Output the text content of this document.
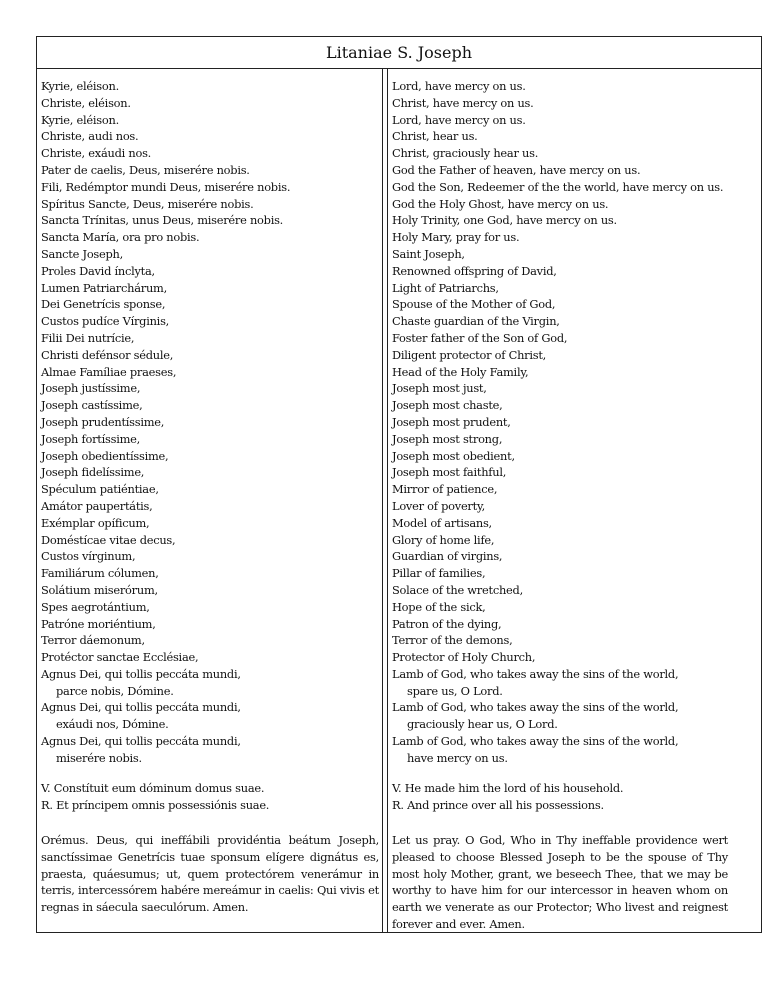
Litaniae S. Joseph
Kyrie, eléison.
Christe, eléison.
Kyrie, eléison.
Christe, audi nos.
Christe, exáudi nos.
Pater de caelis, Deus, miserére nobis.
Fili, Redémptor mundi Deus, miserére nobis.
Spíritus Sancte, Deus, miserére nobis.
Sancta Trínitas, unus Deus, miserére nobis.
Sancta María, ora pro nobis.
Sancte Joseph,
Proles David ínclyta,
Lumen Patriarchárum,
Dei Genetrícis sponse,
Custos pudíce Vírginis,
Filii Dei nutrície,
Christi defénsor sédule,
Almae Famíliae praeses,
Joseph justíssime,
Joseph castíssime,
Joseph prudentíssime,
Joseph fortíssime,
Joseph obedientíssime,
Joseph fidelíssime,
Spéculum patiéntiae,
Amátor paupertátis,
Exémplar opíficum,
Doméstícae vitae decus,
Custos vírginum,
Familiárum cólumen,
Solátium miserórum,
Spes aegrotántium,
Patróne moriéntium,
Terror dáemonum,
Protéctor sanctae Ecclésiae,
Agnus Dei, qui tollis peccáta mundi,
parce nobis, Dómine.
Agnus Dei, qui tollis peccáta mundi,
exáudi nos, Dómine.
Agnus Dei, qui tollis peccáta mundi,
miserére nobis.
V. Constítuit eum dóminum domus suae.
R. Et príncipem omnis possessiónis suae.
Orémus. Deus, qui ineffábili providéntia beátum Joseph, sanctíssimae Genetrícis tuae sponsum elígere dignátus es, praesta, quáesumus; ut, quem protectórem venerámur in terris, intercessórem habére mereámur in caelis: Qui vivis et regnas in sáecula saeculórum. Amen.
Lord, have mercy on us.
Christ, have mercy on us.
Lord, have mercy on us.
Christ, hear us.
Christ, graciously hear us.
God the Father of heaven, have mercy on us.
God the Son, Redeemer of the the world, have mercy on us.
God the Holy Ghost, have mercy on us.
Holy Trinity, one God, have mercy on us.
Holy Mary, pray for us.
Saint Joseph,
Renowned offspring of David,
Light of Patriarchs,
Spouse of the Mother of God,
Chaste guardian of the Virgin,
Foster father of the Son of God,
Diligent protector of Christ,
Head of the Holy Family,
Joseph most just,
Joseph most chaste,
Joseph most prudent,
Joseph most strong,
Joseph most obedient,
Joseph most faithful,
Mirror of patience,
Lover of poverty,
Model of artisans,
Glory of home life,
Guardian of virgins,
Pillar of families,
Solace of the wretched,
Hope of the sick,
Patron of the dying,
Terror of the demons,
Protector of Holy Church,
Lamb of God, who takes away the sins of the world,
spare us, O Lord.
Lamb of God, who takes away the sins of the world,
graciously hear us, O Lord.
Lamb of God, who takes away the sins of the world,
have mercy on us.
V. He made him the lord of his household.
R. And prince over all his possessions.
Let us pray. O God, Who in Thy ineffable providence wert pleased to choose Blessed Joseph to be the spouse of Thy most holy Mother, grant, we beseech Thee, that we may be worthy to have him for our intercessor in heaven whom on earth we venerate as our Protector; Who livest and reignest forever and ever. Amen.
